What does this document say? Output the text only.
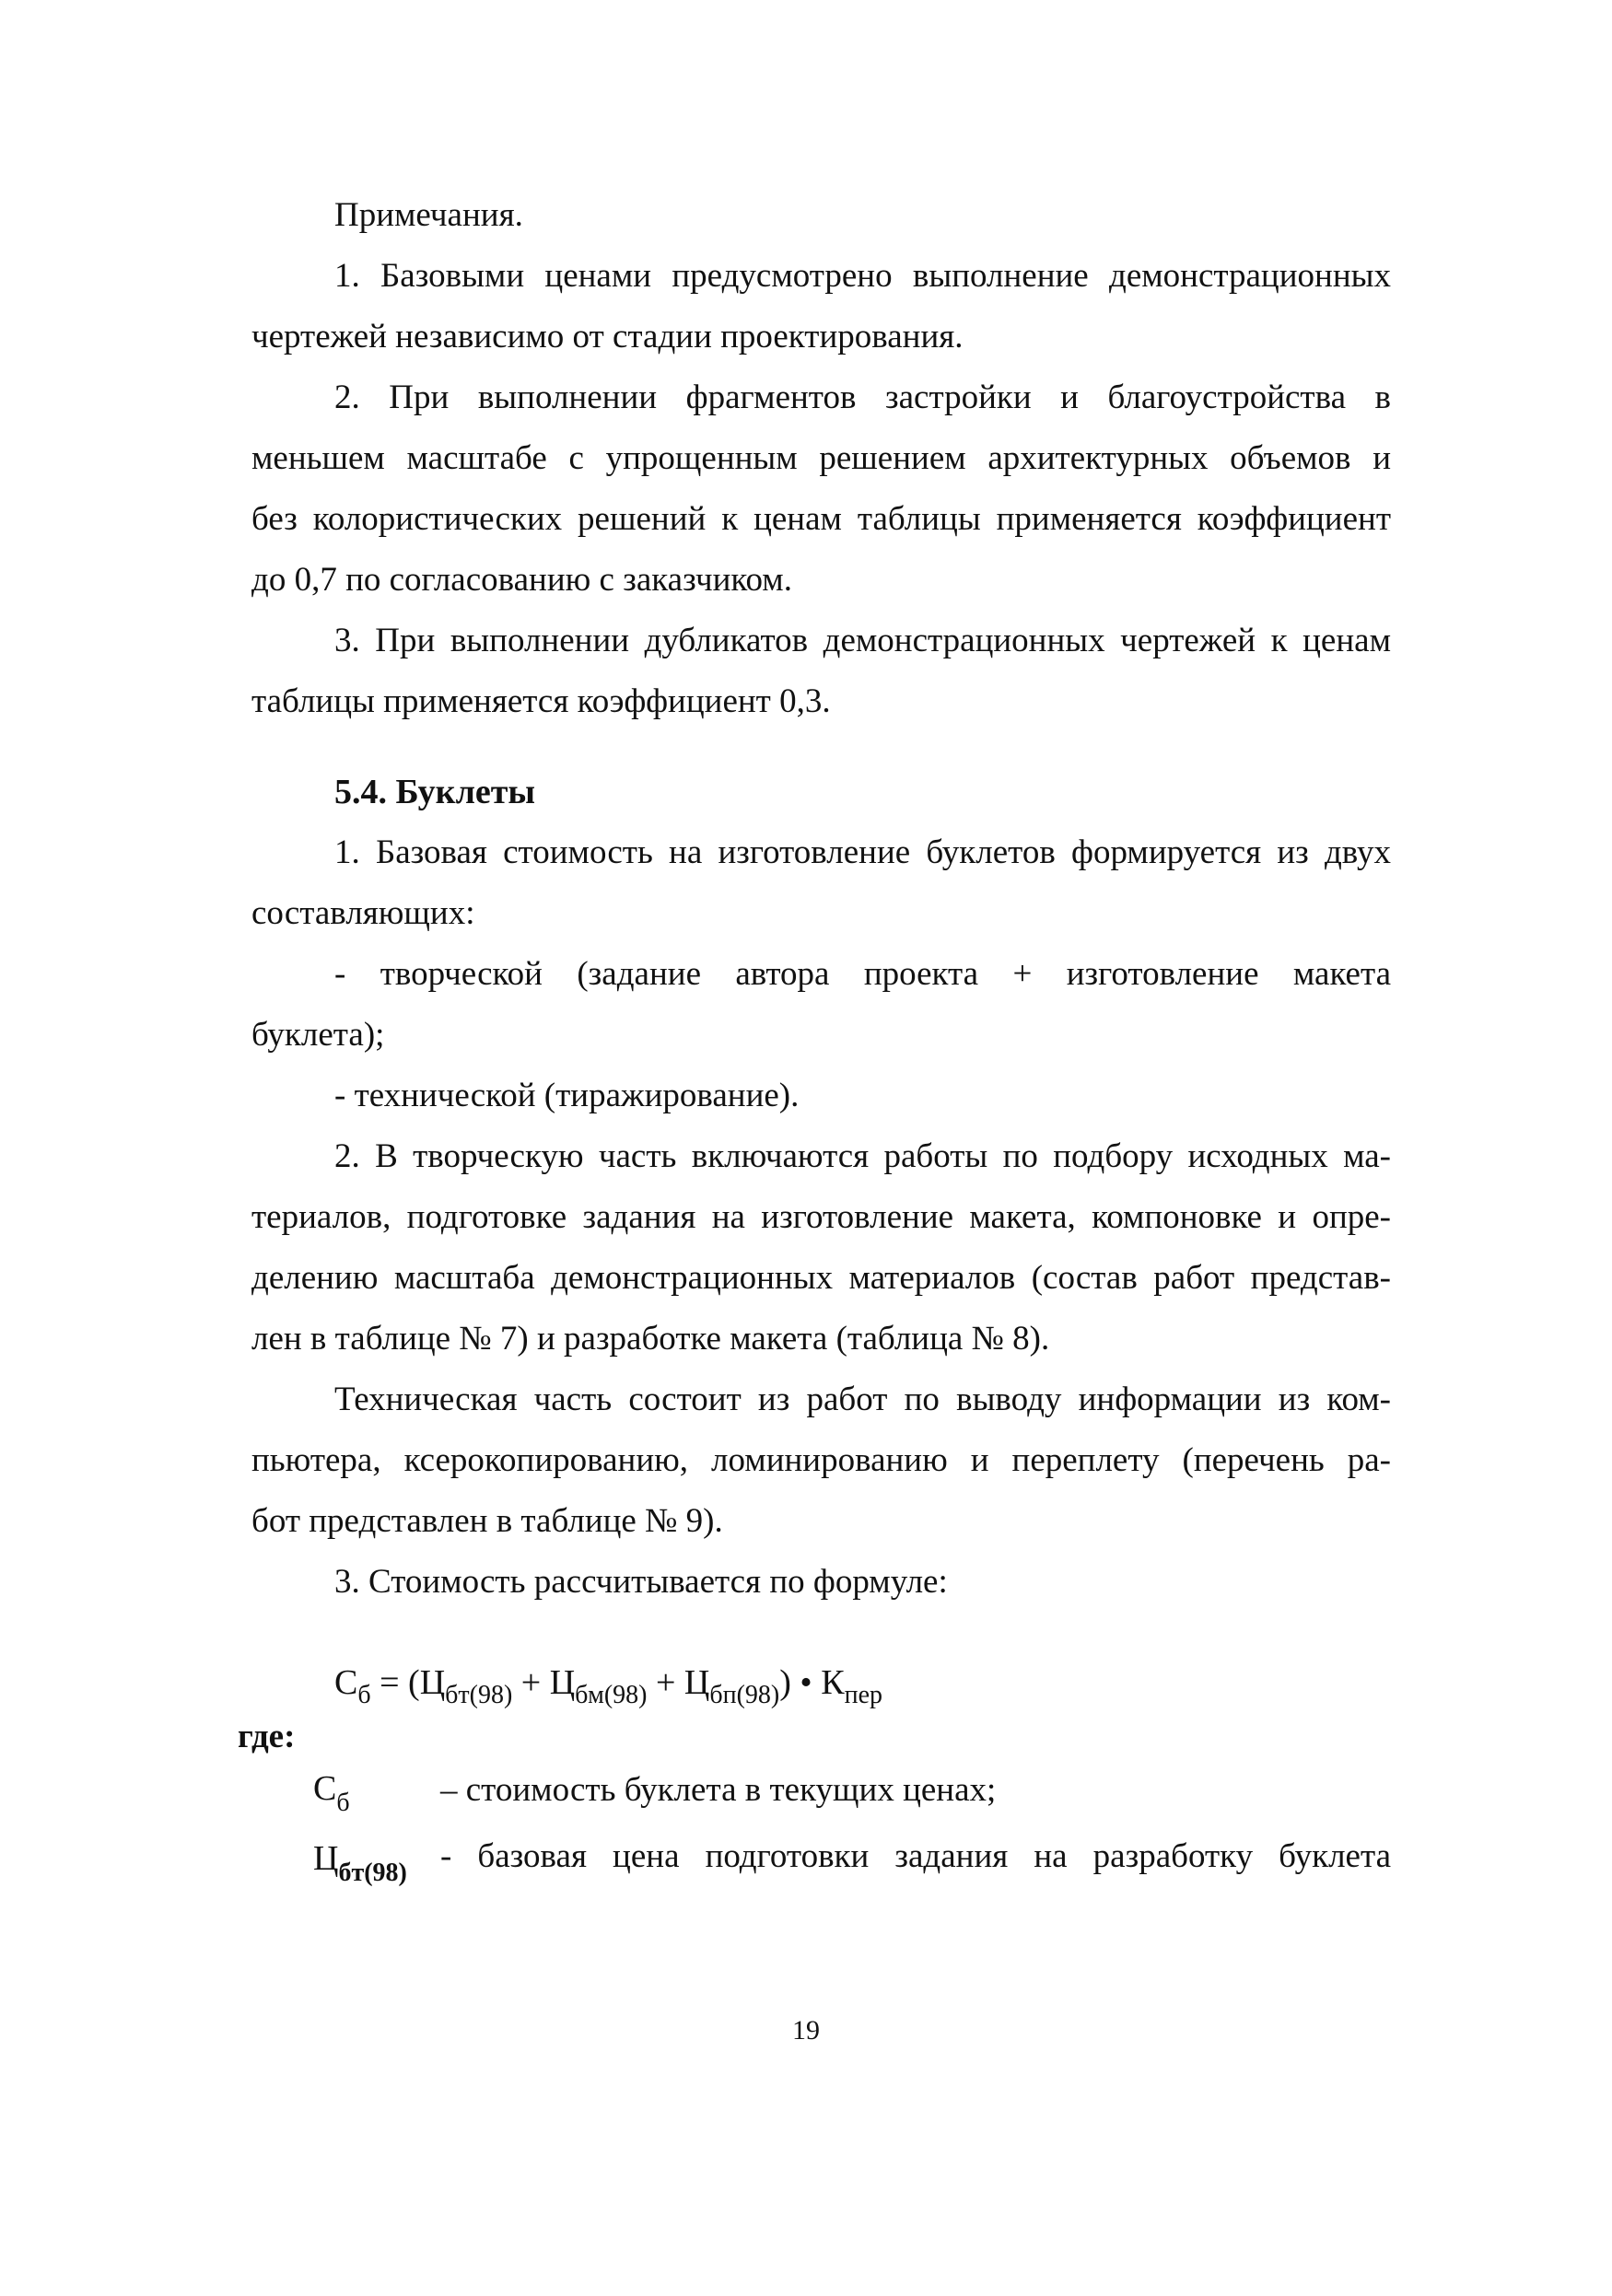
Примечания.
1. Базовыми ценами предусмотрено выполнение демонстрационных
чертежей независимо от стадии проектирования.
2. При выполнении фрагментов застройки и благоустройства в
меньшем масштабе с упрощенным решением архитектурных объемов и
без колористических решений к ценам таблицы применяется коэффициент
до 0,7 по согласованию с заказчиком.
3. При выполнении дубликатов демонстрационных чертежей к ценам
таблицы применяется коэффициент 0,3.
5.4. Буклеты
1. Базовая стоимость на изготовление буклетов формируется из двух
составляющих:
- творческой (задание автора проекта + изготовление макета
буклета);
- технической (тиражирование).
2. В творческую часть включаются работы по подбору исходных ма-
териалов, подготовке задания на изготовление макета, компоновке и опре-
делению масштаба демонстрационных материалов (состав работ представ-
лен в таблице № 7) и разработке макета (таблица № 8).
Техническая часть состоит из работ по выводу информации из ком-
пьютера, ксерокопированию, ломинированию и переплету (перечень ра-
бот представлен в таблице № 9).
3. Стоимость рассчитывается по формуле:
$С_б = (Ц_{бт(98)} + Ц_{бм(98)} + Ц_{бп(98)})$ • $К_{пер}$
где:
$С_б$	– стоимость буклета в текущих ценах;
$Ц_{бт(98)}$ - базовая цена подготовки задания на разработку буклета
19
